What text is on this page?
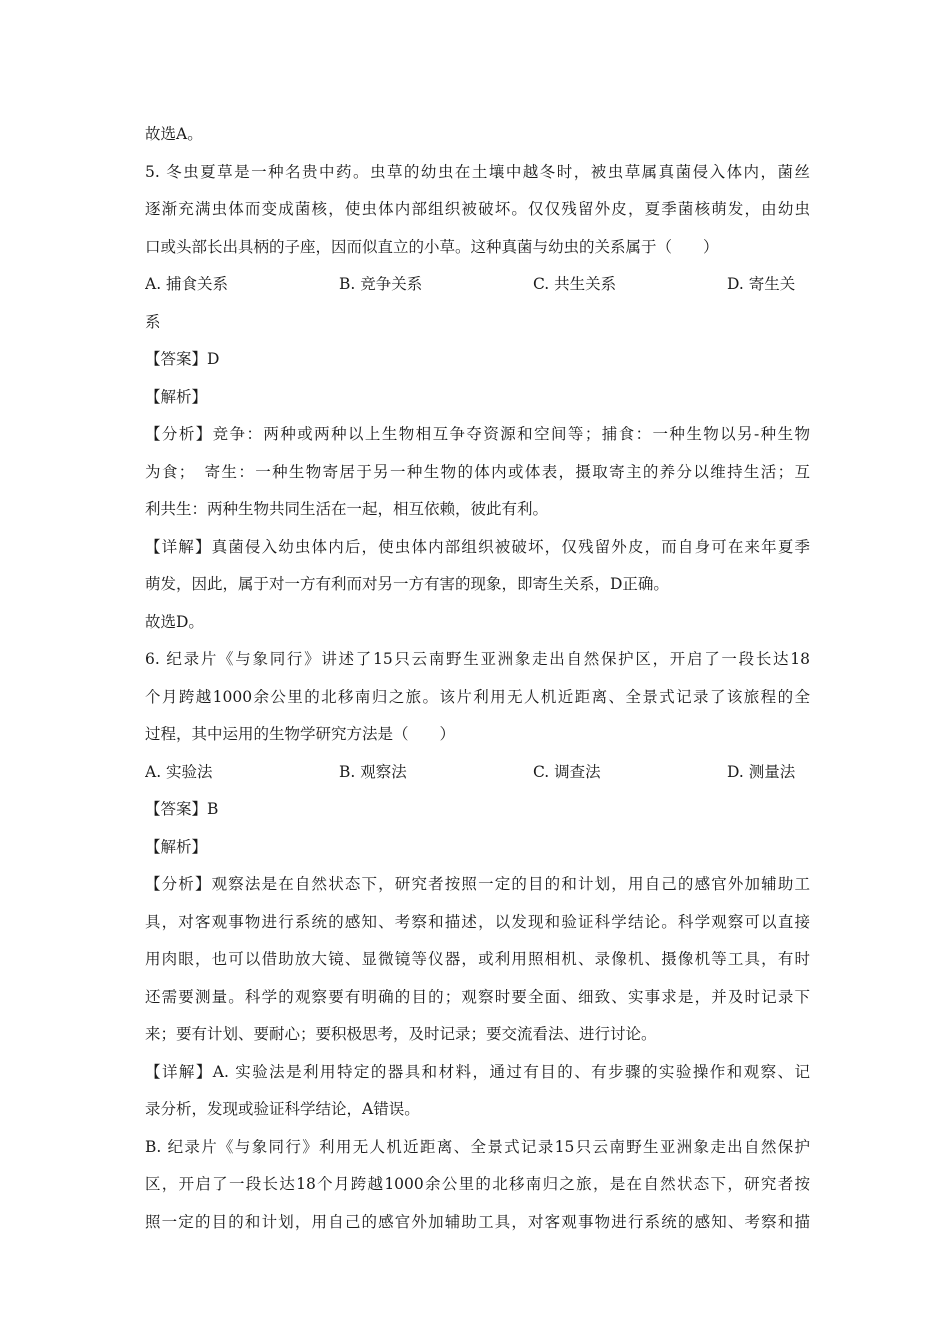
故选A。
5. 冬虫夏草是一种名贵中药。虫草的幼虫在土壤中越冬时，被虫草属真菌侵入体内，菌丝
逐渐充满虫体而变成菌核，使虫体内部组织被破坏。仅仅残留外皮，夏季菌核萌发，由幼虫
口或头部长出具柄的子座，因而似直立的小草。这种真菌与幼虫的关系属于（　　）
A. 捕食关系	B. 竞争关系	C. 共生关系	D. 寄生关
系
【答案】D
【解析】
【分析】竞争：两种或两种以上生物相互争夺资源和空间等；捕食：一种生物以另-种生物
为食；　寄生：一种生物寄居于另一种生物的体内或体表，摄取寄主的养分以维持生活；互
利共生：两种生物共同生活在一起，相互依赖，彼此有利。
【详解】真菌侵入幼虫体内后，使虫体内部组织被破坏，仅残留外皮，而自身可在来年夏季
萌发，因此，属于对一方有利而对另一方有害的现象，即寄生关系，D正确。
故选D。
6. 纪录片《与象同行》讲述了15只云南野生亚洲象走出自然保护区，开启了一段长达18
个月跨越1000余公里的北移南归之旅。该片利用无人机近距离、全景式记录了该旅程的全
过程，其中运用的生物学研究方法是（　　）
A. 实验法	B. 观察法	C. 调查法	D. 测量法
【答案】B
【解析】
【分析】观察法是在自然状态下，研究者按照一定的目的和计划，用自己的感官外加辅助工
具，对客观事物进行系统的感知、考察和描述，以发现和验证科学结论。科学观察可以直接
用肉眼，也可以借助放大镜、显微镜等仪器，或利用照相机、录像机、摄像机等工具，有时
还需要测量。科学的观察要有明确的目的；观察时要全面、细致、实事求是，并及时记录下
来；要有计划、要耐心；要积极思考，及时记录；要交流看法、进行讨论。
【详解】A. 实验法是利用特定的器具和材料，通过有目的、有步骤的实验操作和观察、记
录分析，发现或验证科学结论，A错误。
B. 纪录片《与象同行》利用无人机近距离、全景式记录15只云南野生亚洲象走出自然保护
区，开启了一段长达18个月跨越1000余公里的北移南归之旅，是在自然状态下，研究者按
照一定的目的和计划，用自己的感官外加辅助工具，对客观事物进行系统的感知、考察和描
